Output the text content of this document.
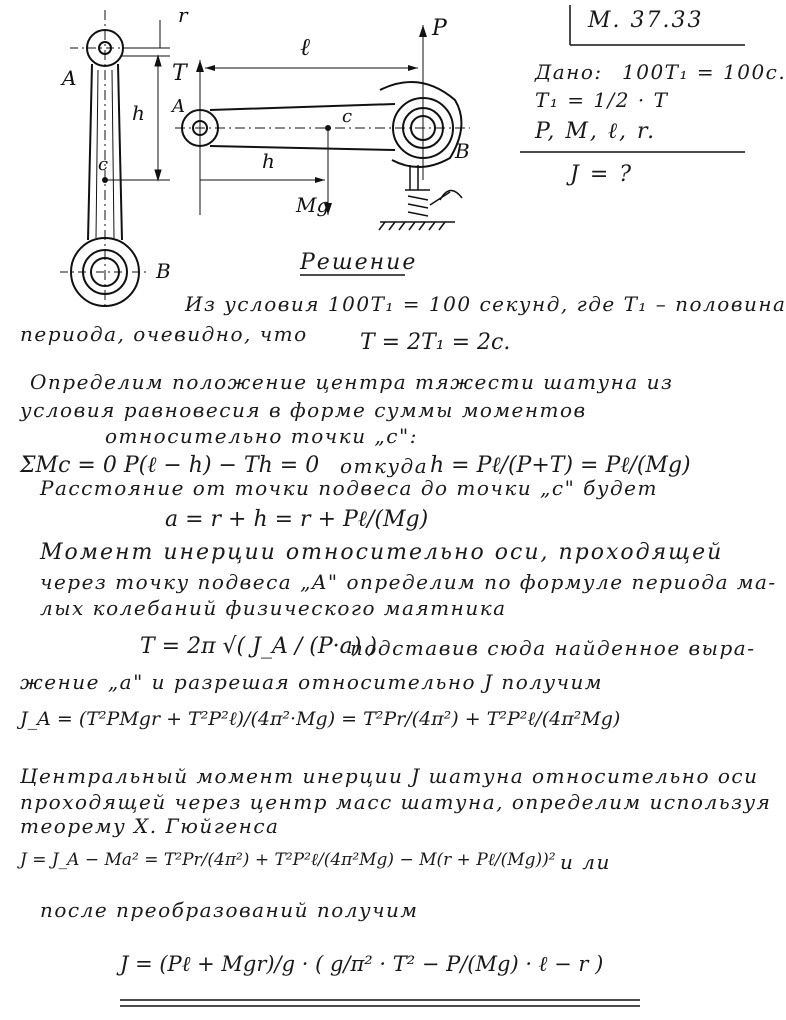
A
r
h
c
B
T
ℓ
P
A	c
h
Mg
B
М. 37.33
Дано: 100T₁ = 100c.
T₁ = 1/2 · T
P, M, ℓ, r.
J = ?
Решение
Из условия 100T₁ = 100 секунд, где T₁ – половина
периода, очевидно, что T = 2T₁ = 2c.
Определим положение центра тяжести шатуна из
условия равновесия в форме суммы моментов
относительно точки „c":
ΣMc = 0 P(ℓ − h) − Th = 0 откуда h = Pℓ/(P+T) = Pℓ/(Mg)
Расстояние от точки подвеса до точки „c" будет
a = r + h = r + Pℓ/(Mg)
Момент инерции относительно оси, проходящей
через точку подвеса „A" определим по формуле периода ма-
лых колебаний физического маятника
T = 2π √( J_A / (P·a) )
подставив сюда найденное выра-
жение „a" и разрешая относительно J получим
J_A = (T²PMgr + T²P²ℓ)/(4π²·Mg) = T²Pr/(4π²) + T²P²ℓ/(4π²Mg)
Центральный момент инерции J шатуна относительно оси
проходящей через центр масс шатуна, определим используя
теорему Х. Гюйгенса
J = J_A − Ma² = T²Pr/(4π²) + T²P²ℓ/(4π²Mg) − M(r + Pℓ/(Mg))² и ли
после преобразований получим
J = (Pℓ + Mgr)/g · ( g/π² · T² − P/(Mg) · ℓ − r )
